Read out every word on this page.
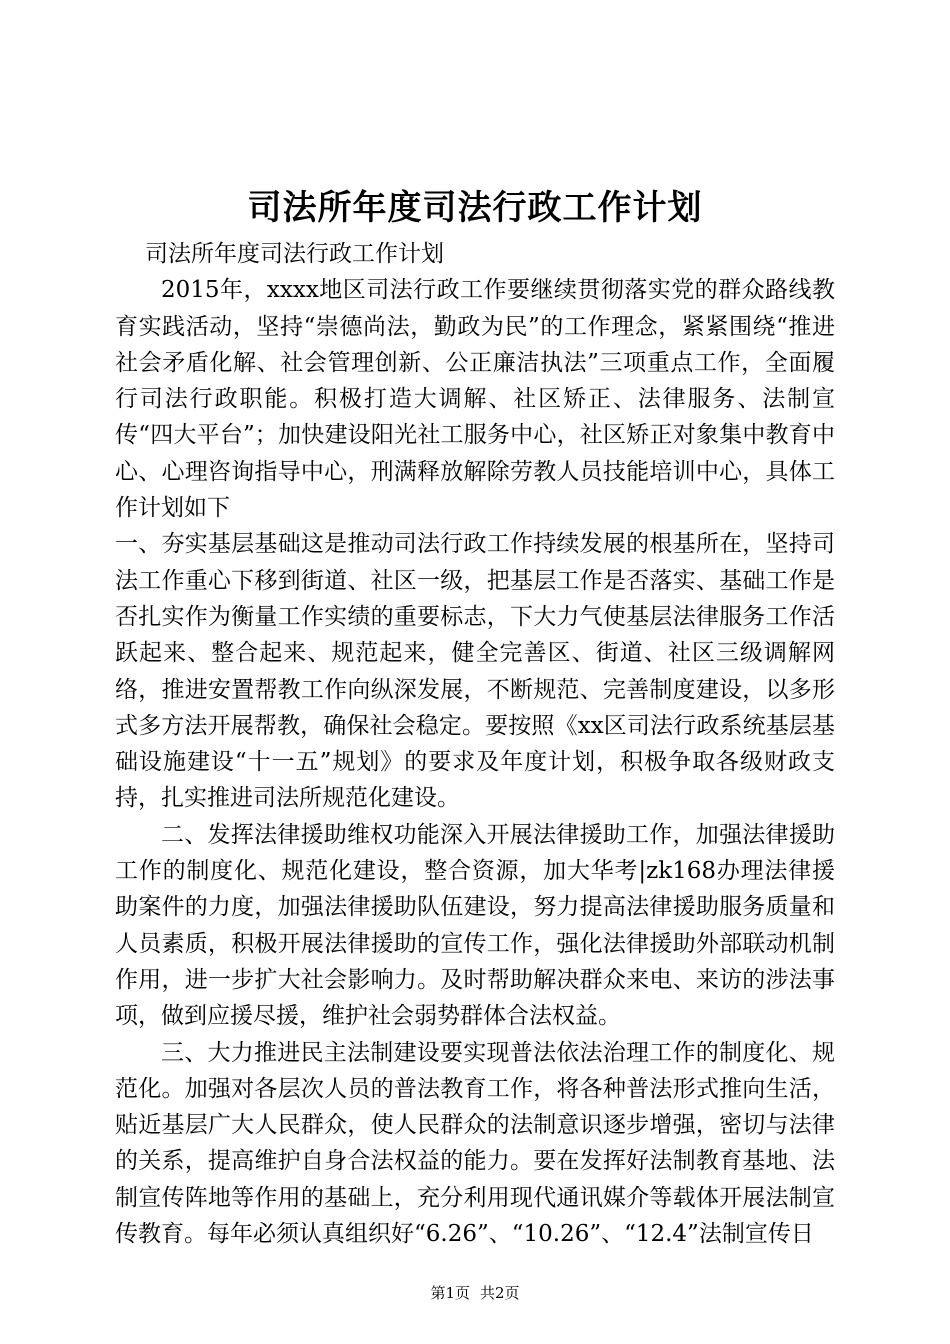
司法所年度司法行政工作计划

司法所年度司法行政工作计划

2015年，xxxx地区司法行政工作要继续贯彻落实党的群众路线教育实践活动，坚持“崇德尚法，勤政为民”的工作理念，紧紧围绕“推进社会矛盾化解、社会管理创新、公正廉洁执法”三项重点工作，全面履行司法行政职能。积极打造大调解、社区矫正、法律服务、法制宣传“四大平台”；加快建设阳光社工服务中心，社区矫正对象集中教育中心、心理咨询指导中心，刑满释放解除劳教人员技能培训中心，具体工作计划如下

一、夯实基层基础这是推动司法行政工作持续发展的根基所在，坚持司法工作重心下移到街道、社区一级，把基层工作是否落实、基础工作是否扎实作为衡量工作实绩的重要标志，下大力气使基层法律服务工作活跃起来、整合起来、规范起来，健全完善区、街道、社区三级调解网络，推进安置帮教工作向纵深发展，不断规范、完善制度建设，以多形式多方法开展帮教，确保社会稳定。要按照《xx区司法行政系统基层基础设施建设“十一五”规划》的要求及年度计划，积极争取各级财政支持，扎实推进司法所规范化建设。

二、发挥法律援助维权功能深入开展法律援助工作，加强法律援助工作的制度化、规范化建设，整合资源，加大华考|zk168办理法律援助案件的力度，加强法律援助队伍建设，努力提高法律援助服务质量和人员素质，积极开展法律援助的宣传工作，强化法律援助外部联动机制作用，进一步扩大社会影响力。及时帮助解决群众来电、来访的涉法事项，做到应援尽援，维护社会弱势群体合法权益。

三、大力推进民主法制建设要实现普法依法治理工作的制度化、规范化。加强对各层次人员的普法教育工作，将各种普法形式推向生活，贴近基层广大人民群众，使人民群众的法制意识逐步增强，密切与法律的关系，提高维护自身合法权益的能力。要在发挥好法制教育基地、法制宣传阵地等作用的基础上，充分利用现代通讯媒介等载体开展法制宣传教育。每年必须认真组织好“6.26”、“10.26”、“12.4”法制宣传日

第1页 共2页
